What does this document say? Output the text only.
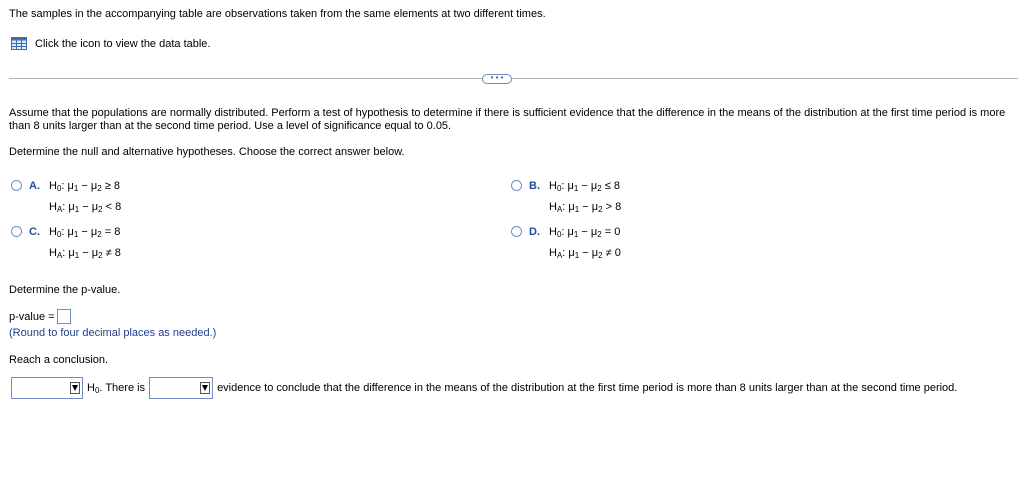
The samples in the accompanying table are observations taken from the same elements at two different times.
Click the icon to view the data table.
• • •
Assume that the populations are normally distributed. Perform a test of hypothesis to determine if there is sufficient evidence that the difference in the means of the distribution at the first time period is more than 8 units larger than at the second time period. Use a level of significance equal to 0.05.
Determine the null and alternative hypotheses. Choose the correct answer below.
A. $H_0$: $\mu_1 - \mu_2 \ge 8$
$H_A$: $\mu_1 - \mu_2 < 8$
B. $H_0$: $\mu_1 - \mu_2 \le 8$
$H_A$: $\mu_1 - \mu_2 > 8$
C. $H_0$: $\mu_1 - \mu_2 = 8$
$H_A$: $\mu_1 - \mu_2 \ne 8$
D. $H_0$: $\mu_1 - \mu_2 = 0$
$H_A$: $\mu_1 - \mu_2 \ne 0$
Determine the p-value.
p-value =
(Round to four decimal places as needed.)
Reach a conclusion.
$H_0$. There is	evidence to conclude that the difference in the means of the distribution at the first time period is more than 8 units larger than at the second time period.
